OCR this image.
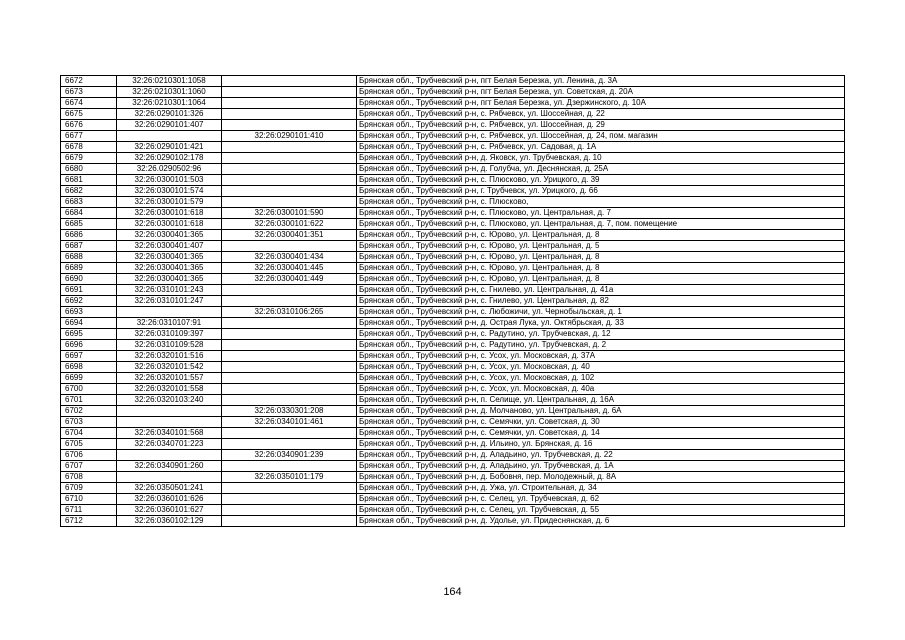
6672	32:26:0210301:1058		Брянская обл., Трубчевский р-н, пгт Белая Березка, ул. Ленина, д. 3А
6673	32:26:0210301:1060		Брянская обл., Трубчевский р-н, пгт Белая Березка, ул. Советская, д. 20А
6674	32:26:0210301:1064		Брянская обл., Трубчевский р-н, пгт Белая Березка, ул. Дзержинского, д. 10А
6675	32:26:0290101:326		Брянская обл., Трубчевский р-н, с. Рябчевск, ул. Шоссейная, д. 22
6676	32:26:0290101:407		Брянская обл., Трубчевский р-н, с. Рябчевск, ул. Шоссейная, д. 29
6677		32:26:0290101:410	Брянская обл., Трубчевский р-н, с. Рябчевск, ул. Шоссейная, д. 24, пом. магазин
6678	32:26:0290101:421		Брянская обл., Трубчевский р-н, с. Рябчевск, ул. Садовая, д. 1А
6679	32:26:0290102:178		Брянская обл., Трубчевский р-н, д. Яковск, ул. Трубчевская, д. 10
6680	32:26.0290502:96		Брянская обл., Трубчевский р-н, д. Голубча, ул. Деснянская, д. 25А
6681	32:26:0300101:503		Брянская обл., Трубчевский р-н, с. Плюсково, ул. Урицкого, д. 39
6682	32:26:0300101:574		Брянская обл., Трубчевский р-н, г. Трубчевск, ул. Урицкого, д. 66
6683	32:26:0300101:579		Брянская обл., Трубчевский р-н, с. Плюсково,
6684	32:26:0300101:618	32:26:0300101:590	Брянская обл., Трубчевский р-н, с. Плюсково, ул. Центральная, д. 7
6685	32:26:0300101:618	32:26:0300101:622	Брянская обл., Трубчевский р-н, с. Плюсково, ул. Центральная, д. 7, пом. помещение
6686	32:26:0300401:365	32:26:0300401:351	Брянская обл., Трубчевский р-н, с. Юрово, ул. Центральная, д. 8
6687	32:26:0300401:407		Брянская обл., Трубчевский р-н, с. Юрово, ул. Центральная, д. 5
6688	32:26:0300401:365	32:26:0300401:434	Брянская обл., Трубчевский р-н, с. Юрово, ул. Центральная, д. 8
6689	32:26:0300401:365	32:26:0300401:445	Брянская обл., Трубчевский р-н, с. Юрово, ул. Центральная, д. 8
6690	32:26:0300401:365	32:26:0300401:449	Брянская обл., Трубчевский р-н, с. Юрово, ул. Центральная, д. 8
6691	32:26:0310101:243		Брянская обл., Трубчевский р-н, с. Гнилево, ул. Центральная, д. 41а
6692	32:26:0310101:247		Брянская обл., Трубчевский р-н, с. Гнилево, ул. Центральная, д. 82
6693		32:26:0310106:265	Брянская обл., Трубчевский р-н, с. Любожичи, ул. Чернобыльская, д. 1
6694	32:26:0310107:91		Брянская обл., Трубчевский р-н, д. Острая Лука, ул. Октябрьская, д. 33
6695	32:26:0310109:397		Брянская обл., Трубчевский р-н, с. Радутино, ул. Трубчевская, д. 12
6696	32:26:0310109:528		Брянская обл., Трубчевский р-н, с. Радутино, ул. Трубчевская, д. 2
6697	32:26:0320101:516		Брянская обл., Трубчевский р-н, с. Усох, ул. Московская, д. 37А
6698	32:26:0320101:542		Брянская обл., Трубчевский р-н, с. Усох, ул. Московская, д. 40
6699	32:26:0320101:557		Брянская обл., Трубчевский р-н, с. Усох, ул. Московская, д. 102
6700	32:26:0320101:558		Брянская обл., Трубчевский р-н, с. Усох, ул. Московская, д. 40а
6701	32:26:0320103:240		Брянская обл., Трубчевский р-н, п. Селище, ул. Центральная, д. 16А
6702		32:26:0330301:208	Брянская обл., Трубчевский р-н, д. Молчаново, ул. Центральная, д. 6А
6703		32:26:0340101:461	Брянская обл., Трубчевский р-н, с. Семячки, ул. Советская, д. 30
6704	32:26:0340101:568		Брянская обл., Трубчевский р-н, с. Семячки, ул. Советская, д. 14
6705	32:26:0340701:223		Брянская обл., Трубчевский р-н, д. Ильино, ул. Брянская, д. 16
6706		32:26:0340901:239	Брянская обл., Трубчевский р-н, д. Аладьино, ул. Трубчевская, д. 22
6707	32:26:0340901:260		Брянская обл., Трубчевский р-н, д. Аладьино, ул. Трубчевская, д. 1А
6708		32:26:0350101:179	Брянская обл., Трубчевский р-н, д. Бобовня, пер. Молодежный, д. 8А
6709	32:26:0350501:241		Брянская обл., Трубчевский р-н, д. Ужа, ул. Строительная, д. 34
6710	32:26:0360101:626		Брянская обл., Трубчевский р-н, с. Селец, ул. Трубчевская, д. 62
6711	32:26:0360101:627		Брянская обл., Трубчевский р-н, с. Селец, ул. Трубчевская, д. 55
6712	32:26:0360102:129		Брянская обл., Трубчевский р-н, д. Удолье, ул. Придеснянская, д. 6
164
